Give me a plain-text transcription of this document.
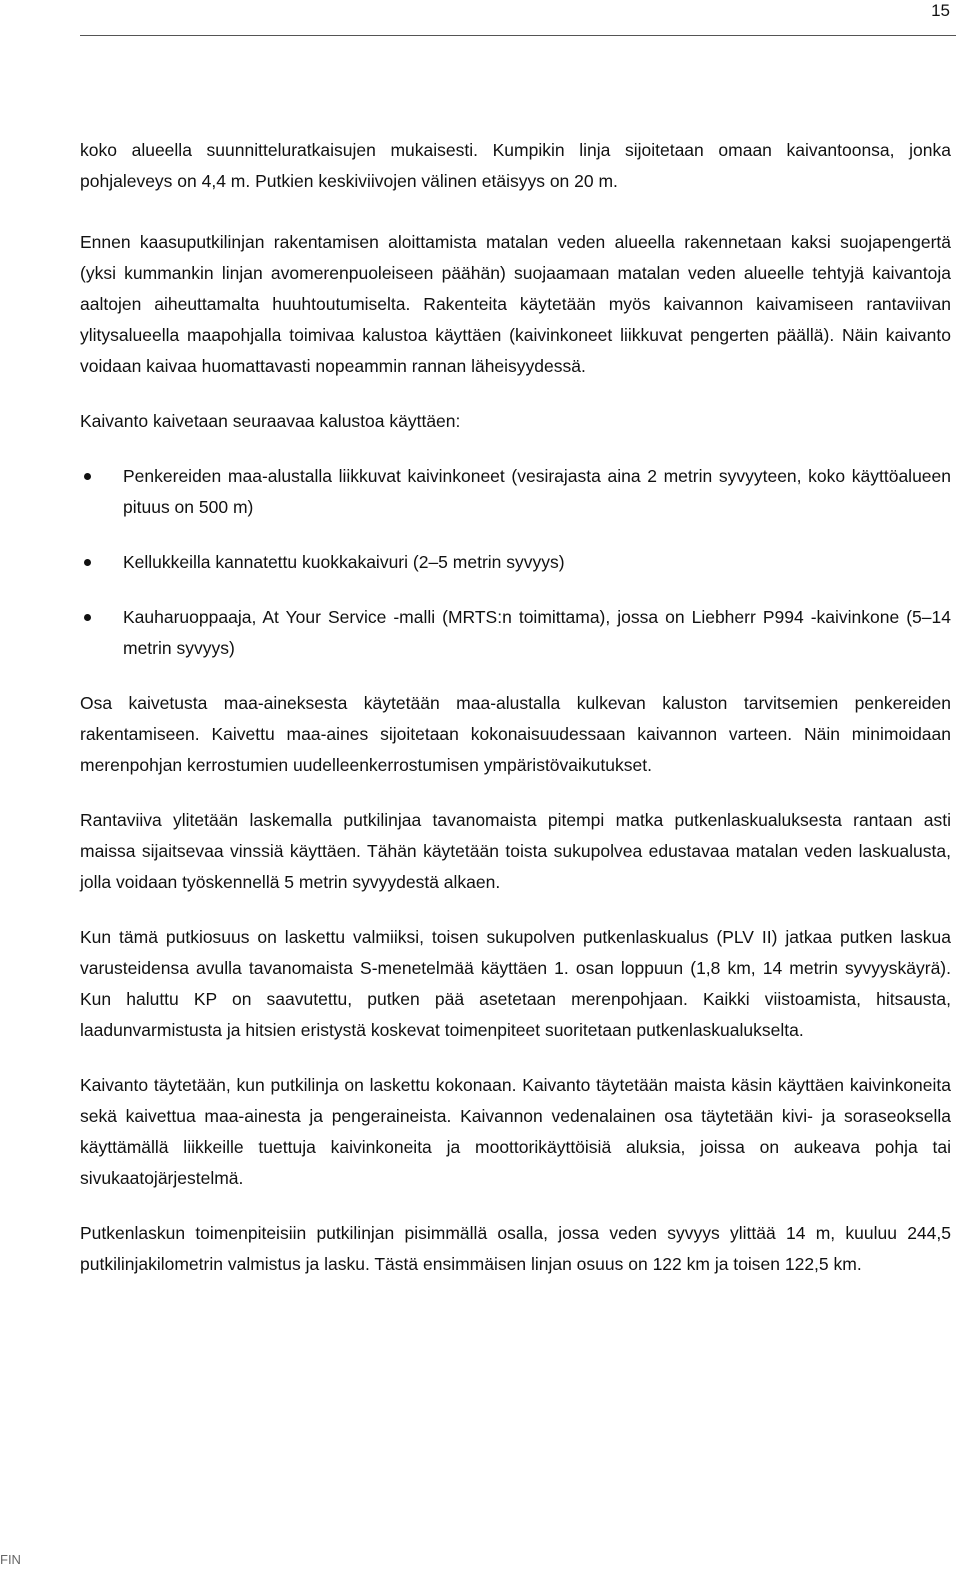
15

koko alueella suunnitteluratkaisujen mukaisesti. Kumpikin linja sijoitetaan omaan kaivantoonsa, jonka pohjaleveys on 4,4 m. Putkien keskiviivojen välinen etäisyys on 20 m.

Ennen kaasuputkilinjan rakentamisen aloittamista matalan veden alueella rakennetaan kaksi suojapengertä (yksi kummankin linjan avomerenpuoleiseen päähän) suojaamaan matalan veden alueelle tehtyjä kaivantoja aaltojen aiheuttamalta huuhtoutumiselta. Rakenteita käytetään myös kaivannon kaivamiseen rantaviivan ylitysalueella maapohjalla toimivaa kalustoa käyttäen (kaivinkoneet liikkuvat pengerten päällä). Näin kaivanto voidaan kaivaa huomattavasti nopeammin rannan läheisyydessä.

Kaivanto kaivetaan seuraavaa kalustoa käyttäen:

Penkereiden maa-alustalla liikkuvat kaivinkoneet (vesirajasta aina 2 metrin syvyyteen, koko käyttöalueen pituus on 500 m)
Kellukkeilla kannatettu kuokkakaivuri (2–5 metrin syvyys)
Kauharuoppaaja, At Your Service -malli (MRTS:n toimittama), jossa on Liebherr P994 -kaivinkone (5–14 metrin syvyys)

Osa kaivetusta maa-aineksesta käytetään maa-alustalla kulkevan kaluston tarvitsemien penkereiden rakentamiseen. Kaivettu maa-aines sijoitetaan kokonaisuudessaan kaivannon varteen. Näin minimoidaan merenpohjan kerrostumien uudelleenkerrostumisen ympäristövaikutukset.

Rantaviiva ylitetään laskemalla putkilinjaa tavanomaista pitempi matka putkenlaskualuksesta rantaan asti maissa sijaitsevaa vinssiä käyttäen. Tähän käytetään toista sukupolvea edustavaa matalan veden laskualusta, jolla voidaan työskennellä 5 metrin syvyydestä alkaen.

Kun tämä putkiosuus on laskettu valmiiksi, toisen sukupolven putkenlaskualus (PLV II) jatkaa putken laskua varusteidensa avulla tavanomaista S-menetelmää käyttäen 1. osan loppuun (1,8 km, 14 metrin syvyyskäyrä). Kun haluttu KP on saavutettu, putken pää asetetaan merenpohjaan. Kaikki viistoamista, hitsausta, laadunvarmistusta ja hitsien eristystä koskevat toimenpiteet suoritetaan putkenlaskualukselta.

Kaivanto täytetään, kun putkilinja on laskettu kokonaan. Kaivanto täytetään maista käsin käyttäen kaivinkoneita sekä kaivettua maa-ainesta ja pengeraineista. Kaivannon vedenalainen osa täytetään kivi- ja soraseoksella käyttämällä liikkeille tuettuja kaivinkoneita ja moottorikäyttöisiä aluksia, joissa on aukeava pohja tai sivukaatojärjestelmä.

Putkenlaskun toimenpiteisiin putkilinjan pisimmällä osalla, jossa veden syvyys ylittää 14 m, kuuluu 244,5 putkilinjakilometrin valmistus ja lasku. Tästä ensimmäisen linjan osuus on 122 km ja toisen 122,5 km.

FIN
